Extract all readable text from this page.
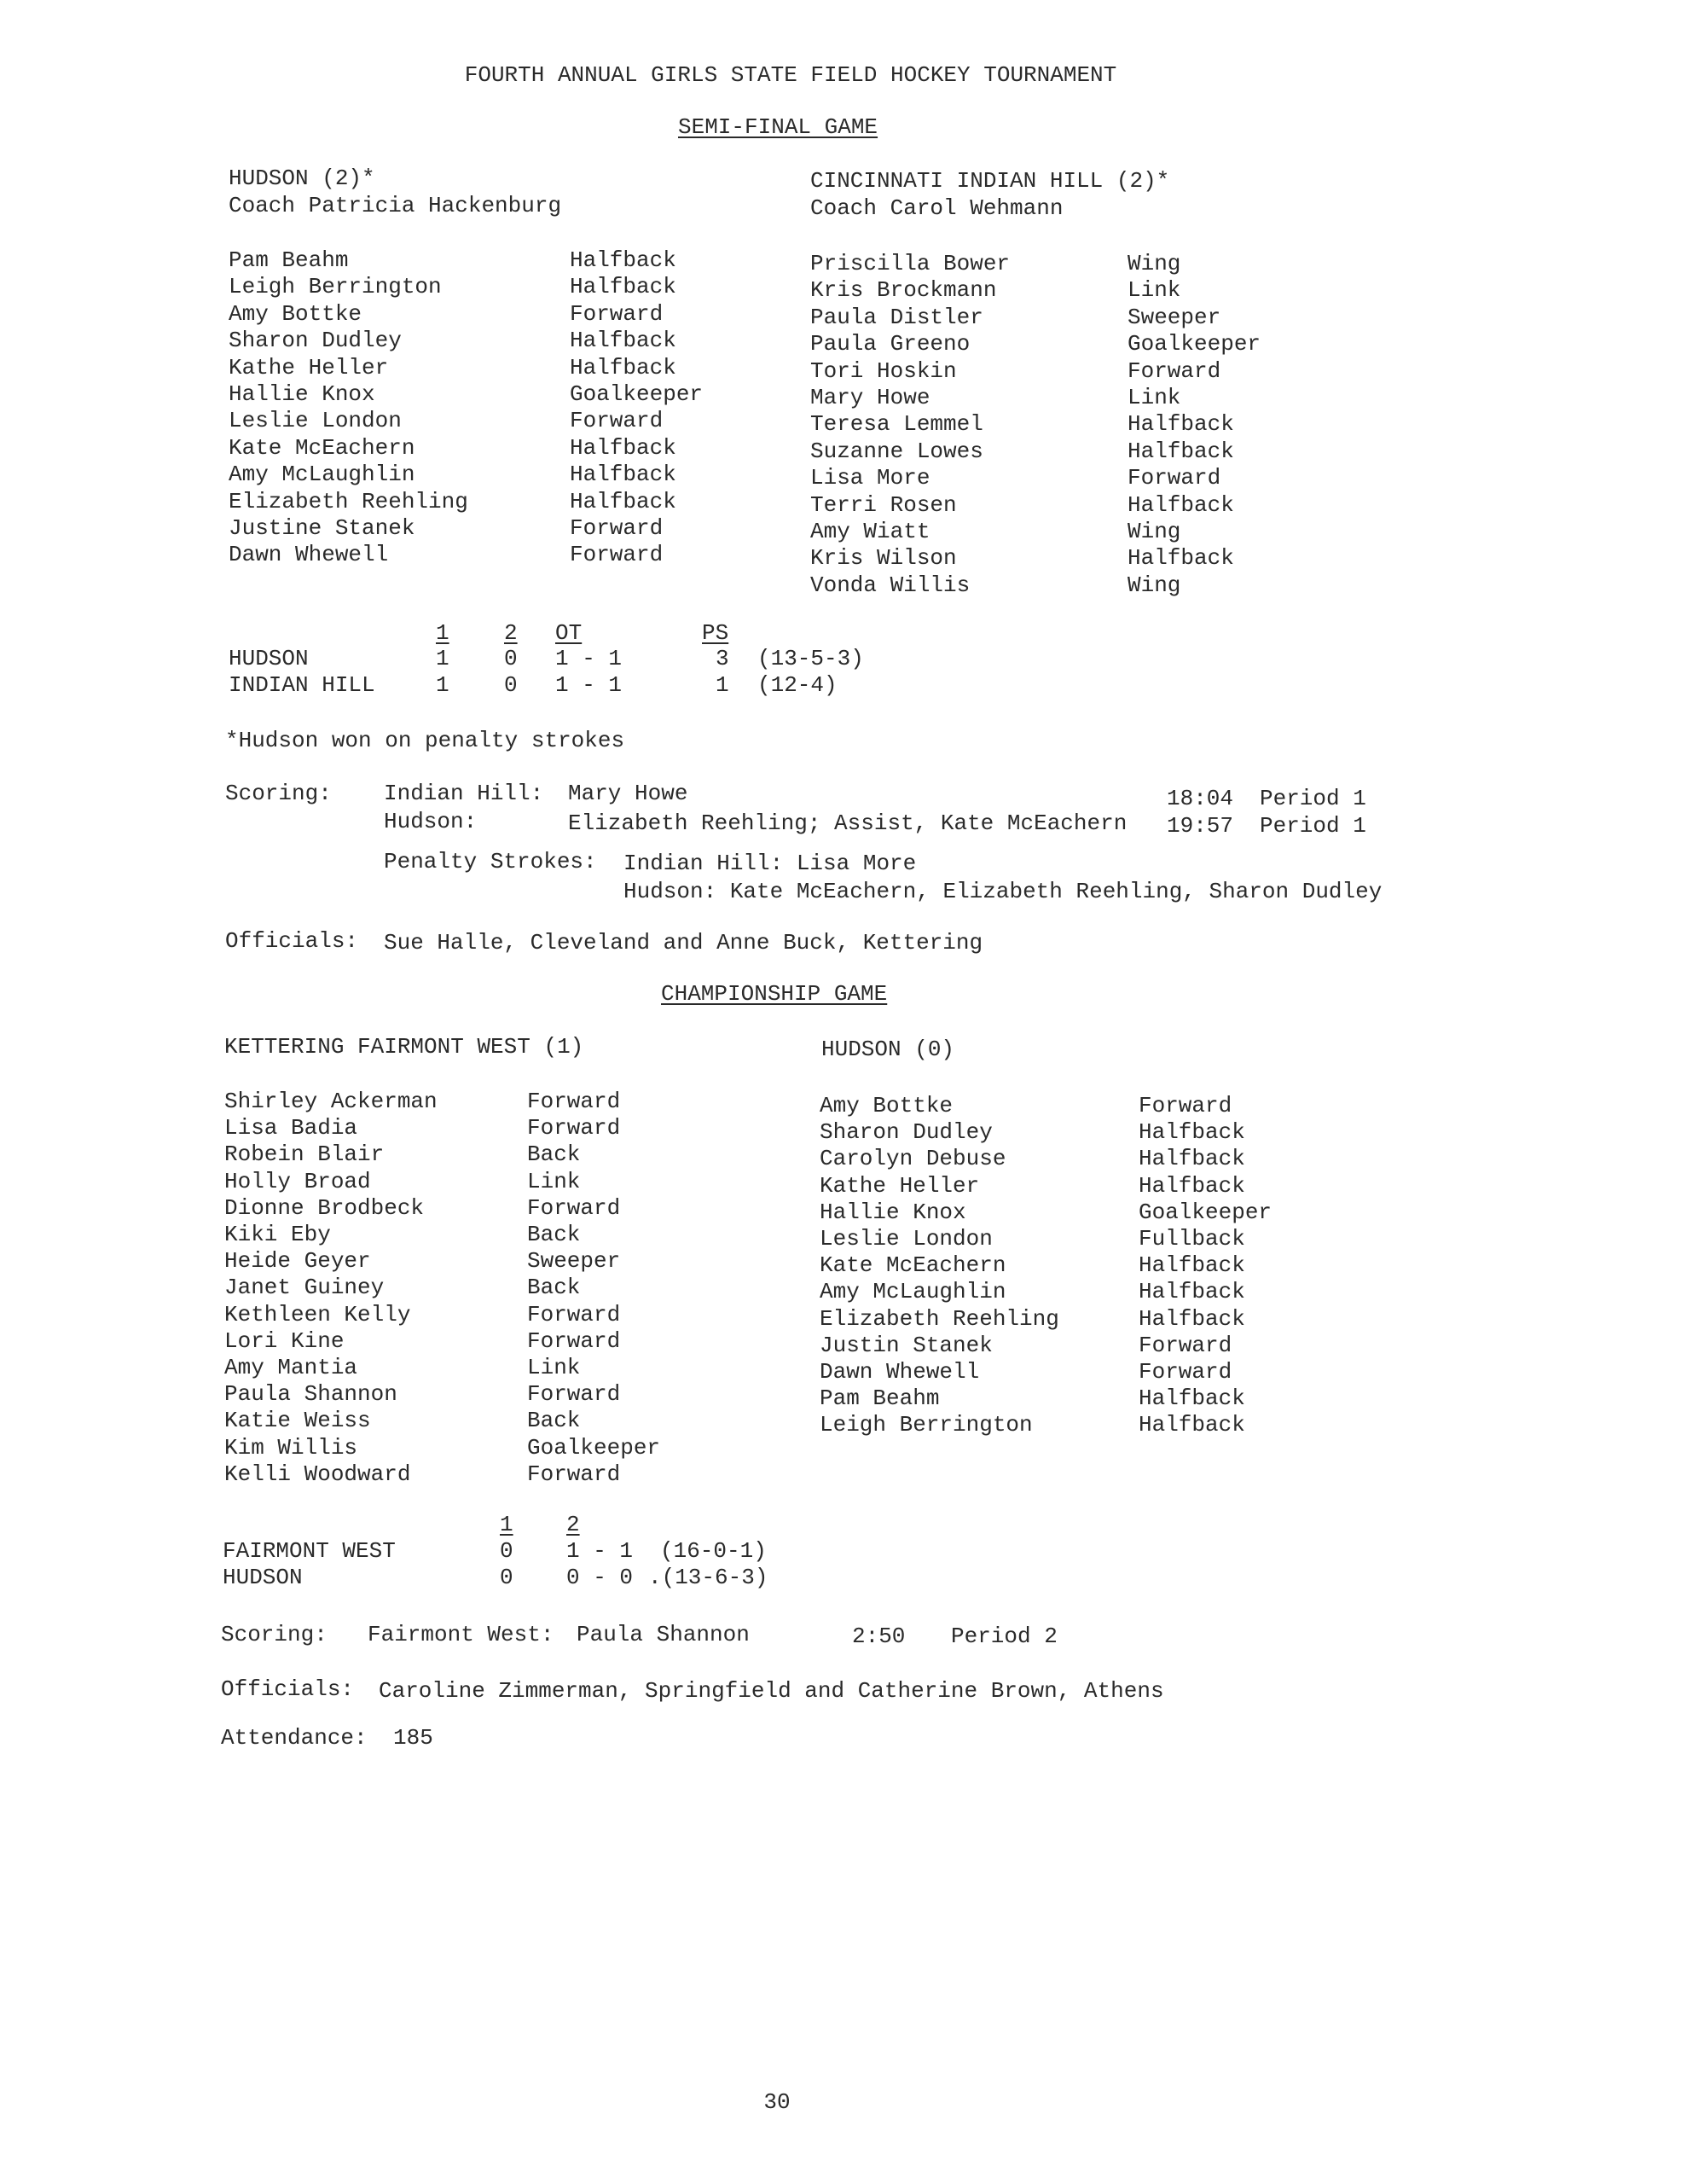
FOURTH ANNUAL GIRLS STATE FIELD HOCKEY TOURNAMENT
SEMI-FINAL GAME
HUDSON (2)*
Coach Patricia Hackenburg
CINCINNATI INDIAN HILL (2)*
Coach Carol Wehmann
Pam Beahm	Halfback
Leigh Berrington	Halfback
Amy Bottke	Forward
Sharon Dudley	Halfback
Kathe Heller	Halfback
Hallie Knox	Goalkeeper
Leslie London	Forward
Kate McEachern	Halfback
Amy McLaughlin	Halfback
Elizabeth Reehling	Halfback
Justine Stanek	Forward
Dawn Whewell	Forward
Priscilla Bower	Wing
Kris Brockmann	Link
Paula Distler	Sweeper
Paula Greeno	Goalkeeper
Tori Hoskin	Forward
Mary Howe	Link
Teresa Lemmel	Halfback
Suzanne Lowes	Halfback
Lisa More	Forward
Terri Rosen	Halfback
Amy Wiatt	Wing
Kris Wilson	Halfback
Vonda Willis	Wing
Shirley Ackerman	Forward
Lisa Badia	Forward
Robein Blair	Back
Holly Broad	Link
Dionne Brodbeck	Forward
Kiki Eby	Back
Heide Geyer	Sweeper
Janet Guiney	Back
Kethleen Kelly	Forward
Lori Kine	Forward
Amy Mantia	Link
Paula Shannon	Forward
Katie Weiss	Back
Kim Willis	Goalkeeper
Kelli Woodward	Forward
Amy Bottke	Forward
Sharon Dudley	Halfback
Carolyn Debuse	Halfback
Kathe Heller	Halfback
Hallie Knox	Goalkeeper
Leslie London	Fullback
Kate McEachern	Halfback
Amy McLaughlin	Halfback
Elizabeth Reehling	Halfback
Justin Stanek	Forward
Dawn Whewell	Forward
Pam Beahm	Halfback
Leigh Berrington	Halfback
1 2 OT	PS
HUDSON	1 0 1 - 1	3 (13-5-3)
INDIAN HILL	1 0 1 - 1	1 (12-4)
*Hudson won on penalty strokes
Scoring: Indian Hill: Mary Howe	18:04 Period 1
Hudson:	Elizabeth Reehling; Assist, Kate McEachern 19:57 Period 1
Penalty Strokes: Indian Hill: Lisa More
Hudson: Kate McEachern, Elizabeth Reehling, Sharon Dudley
Officials: Sue Halle, Cleveland and Anne Buck, Kettering
CHAMPIONSHIP GAME
KETTERING FAIRMONT WEST (1)	HUDSON (0)
1 2
FAIRMONT WEST	0 1 - 1 (16-0-1)
HUDSON	0 0 - 0 .(13-6-3)
Scoring: Fairmont West: Paula Shannon	2:50 Period 2
Officials: Caroline Zimmerman, Springfield and Catherine Brown, Athens
Attendance: 185
30
